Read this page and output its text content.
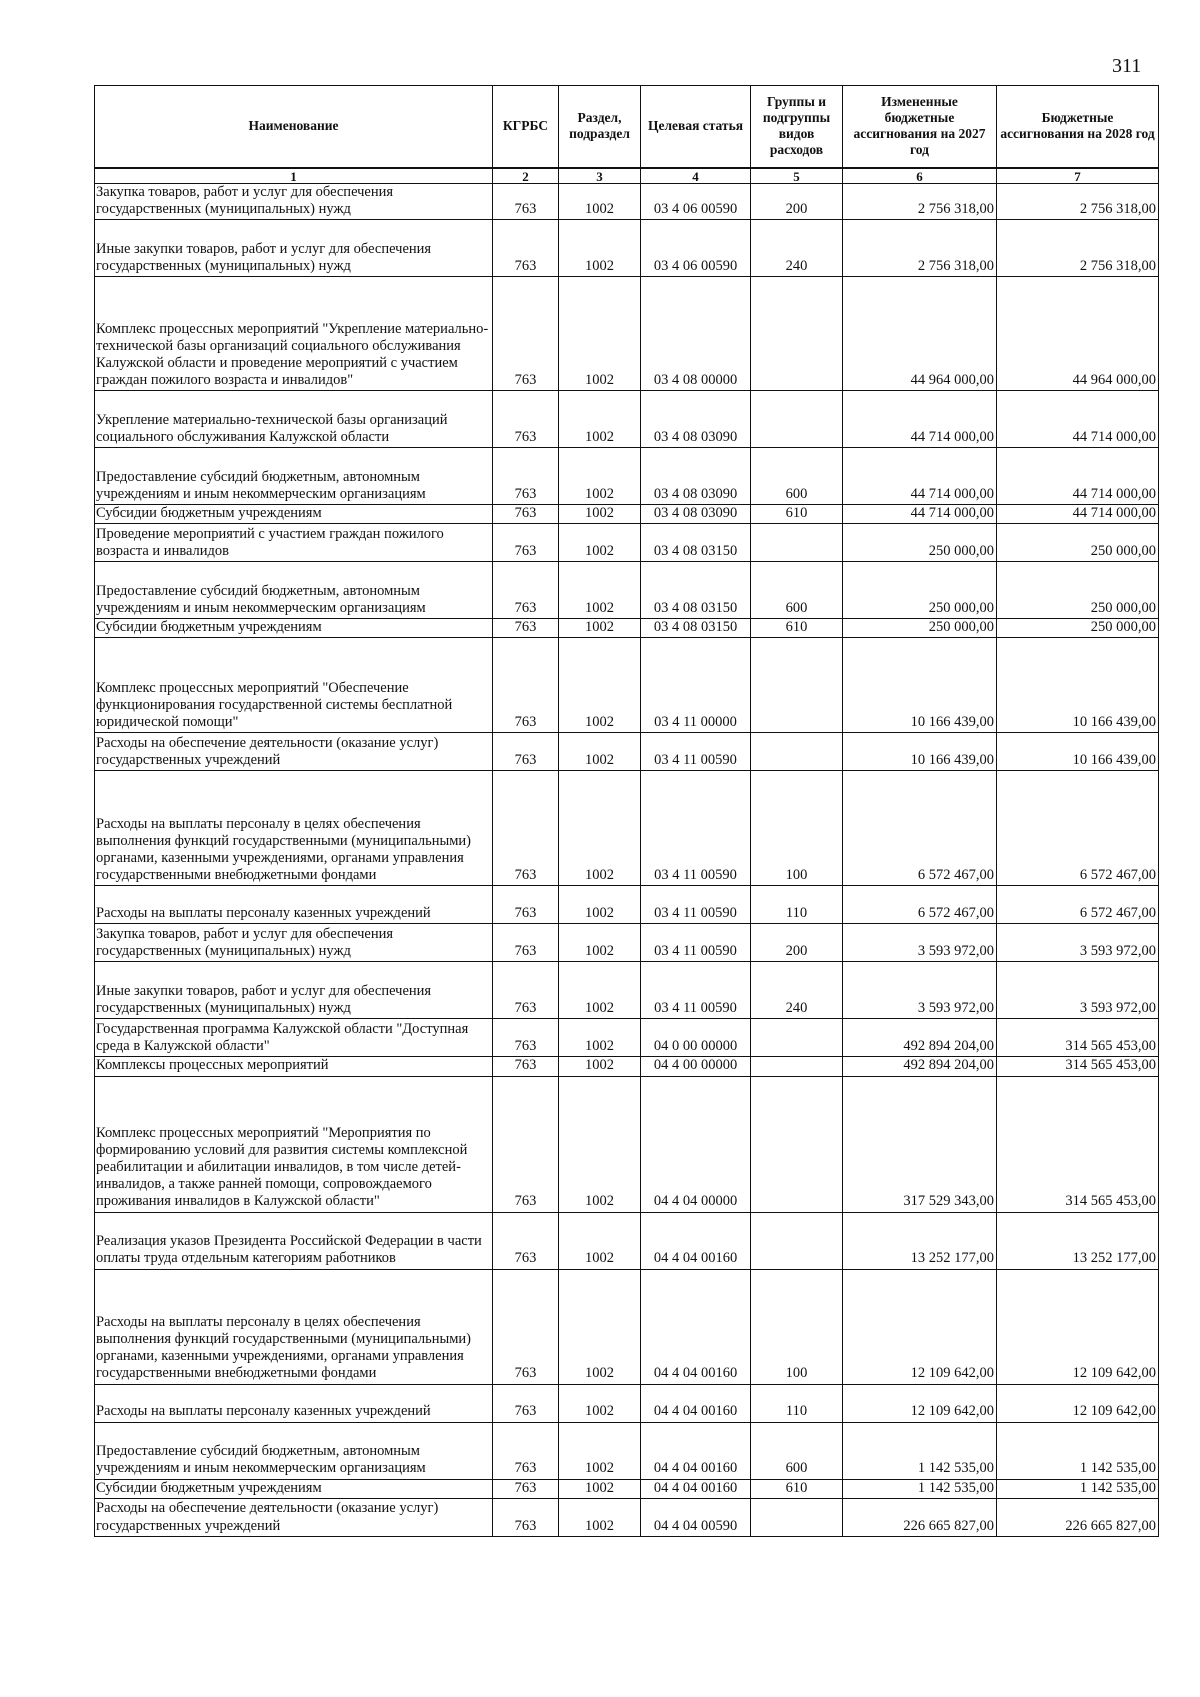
311
Наименование	КГРБС	Раздел, подраздел	Целевая статья	Группы и подгруппы видов расходов	Измененные бюджетные ассигнования на 2027 год	Бюджетные ассигнования на 2028 год
1	2	3	4	5	6	7
Закупка товаров, работ и услуг для обеспечения государственных (муниципальных) нужд	763	1002	03 4 06 00590	200	2 756 318,00	2 756 318,00
Иные закупки товаров, работ и услуг для обеспечения государственных (муниципальных) нужд	763	1002	03 4 06 00590	240	2 756 318,00	2 756 318,00
Комплекс процессных мероприятий "Укрепление материально-технической базы организаций социального обслуживания Калужской области и проведение мероприятий с участием граждан пожилого возраста и инвалидов"	763	1002	03 4 08 00000		44 964 000,00	44 964 000,00
Укрепление материально-технической базы организаций социального обслуживания Калужской области	763	1002	03 4 08 03090		44 714 000,00	44 714 000,00
Предоставление субсидий бюджетным, автономным учреждениям и иным некоммерческим организациям	763	1002	03 4 08 03090	600	44 714 000,00	44 714 000,00
Субсидии бюджетным учреждениям	763	1002	03 4 08 03090	610	44 714 000,00	44 714 000,00
Проведение мероприятий с участием граждан пожилого возраста и инвалидов	763	1002	03 4 08 03150		250 000,00	250 000,00
Предоставление субсидий бюджетным, автономным учреждениям и иным некоммерческим организациям	763	1002	03 4 08 03150	600	250 000,00	250 000,00
Субсидии бюджетным учреждениям	763	1002	03 4 08 03150	610	250 000,00	250 000,00
Комплекс процессных мероприятий "Обеспечение функционирования государственной системы бесплатной юридической помощи"	763	1002	03 4 11 00000		10 166 439,00	10 166 439,00
Расходы на обеспечение деятельности (оказание услуг) государственных учреждений	763	1002	03 4 11 00590		10 166 439,00	10 166 439,00
Расходы на выплаты персоналу в целях обеспечения выполнения функций государственными (муниципальными) органами, казенными учреждениями, органами управления государственными внебюджетными фондами	763	1002	03 4 11 00590	100	6 572 467,00	6 572 467,00
Расходы на выплаты персоналу казенных учреждений	763	1002	03 4 11 00590	110	6 572 467,00	6 572 467,00
Закупка товаров, работ и услуг для обеспечения государственных (муниципальных) нужд	763	1002	03 4 11 00590	200	3 593 972,00	3 593 972,00
Иные закупки товаров, работ и услуг для обеспечения государственных (муниципальных) нужд	763	1002	03 4 11 00590	240	3 593 972,00	3 593 972,00
Государственная программа Калужской области "Доступная среда в Калужской области"	763	1002	04 0 00 00000		492 894 204,00	314 565 453,00
Комплексы процессных мероприятий	763	1002	04 4 00 00000		492 894 204,00	314 565 453,00
Комплекс процессных мероприятий "Мероприятия по формированию условий для развития системы комплексной реабилитации и абилитации инвалидов, в том числе детей-инвалидов, а также ранней помощи, сопровождаемого проживания инвалидов в Калужской области"	763	1002	04 4 04 00000		317 529 343,00	314 565 453,00
Реализация указов Президента Российской Федерации в части оплаты труда отдельным категориям работников	763	1002	04 4 04 00160		13 252 177,00	13 252 177,00
Расходы на выплаты персоналу в целях обеспечения выполнения функций государственными (муниципальными) органами, казенными учреждениями, органами управления государственными внебюджетными фондами	763	1002	04 4 04 00160	100	12 109 642,00	12 109 642,00
Расходы на выплаты персоналу казенных учреждений	763	1002	04 4 04 00160	110	12 109 642,00	12 109 642,00
Предоставление субсидий бюджетным, автономным учреждениям и иным некоммерческим организациям	763	1002	04 4 04 00160	600	1 142 535,00	1 142 535,00
Субсидии бюджетным учреждениям	763	1002	04 4 04 00160	610	1 142 535,00	1 142 535,00
Расходы на обеспечение деятельности (оказание услуг) государственных учреждений	763	1002	04 4 04 00590		226 665 827,00	226 665 827,00
